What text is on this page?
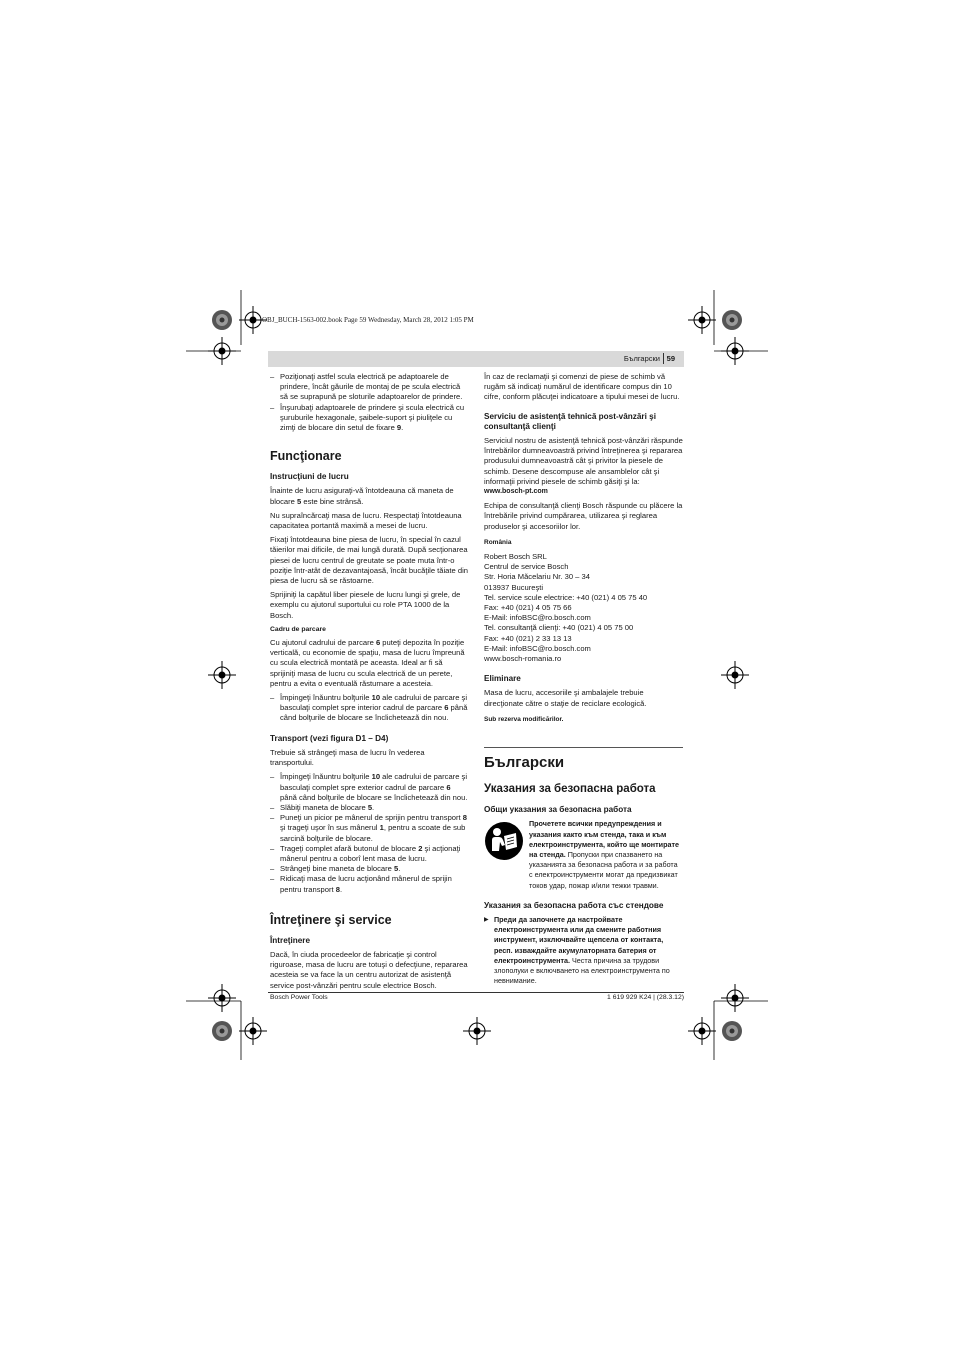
OBJ_BUCH-1563-002.book Page 59 Wednesday, March 28, 2012 1:05 PM
Български 59

– Poziţionaţi astfel scula electrică pe adaptoarele de prindere, încât găurile de montaj de pe scula electrică să se suprapună pe sloturile adaptoarelor de prindere.

– Înşurubaţi adaptoarele de prindere şi scula electrică cu şuruburile hexagonale, şaibele-suport şi piuliţele cu zimţi de blocare din setul de fixare 9.

Funcţionare
Instrucţiuni de lucru

Înainte de lucru asiguraţi-vă întotdeauna că maneta de blocare 5 este bine strânsă.

Nu supraîncărcaţi masa de lucru. Respectaţi întotdeauna capacitatea portantă maximă a mesei de lucru.

Fixaţi întotdeauna bine piesa de lucru, în special în cazul tăierilor mai dificile, de mai lungă durată. După secţionarea piesei de lucru centrul de greutate se poate muta într-o poziţie într-atât de dezavantajoasă, încât bucăţile tăiate din piesa de lucru să se răstoarne.

Sprijiniţi la capătul liber piesele de lucru lungi şi grele, de exemplu cu ajutorul suportului cu role PTA 1000 de la Bosch.

Cadru de parcare

Cu ajutorul cadrului de parcare 6 puteţi depozita în poziţie verticală, cu economie de spaţiu, masa de lucru împreună cu scula electrică montată pe aceasta. Ideal ar fi să sprijiniţi masa de lucru cu scula electrică de un perete, pentru a evita o eventuală răsturnare a acesteia.

– Împingeţi înăuntru bolţurile 10 ale cadrului de parcare şi basculaţi complet spre interior cadrul de parcare 6 până când bolţurile de blocare se înclichetează din nou.

Transport (vezi figura D1 – D4)

Trebuie să strângeţi masa de lucru în vederea transportului.

– Împingeţi înăuntru bolţurile 10 ale cadrului de parcare şi basculaţi complet spre exterior cadrul de parcare 6 până când bolţurile de blocare se înclichetează din nou.

– Slăbiţi maneta de blocare 5.

– Puneţi un picior pe mânerul de sprijin pentru transport 8 şi trageţi uşor în sus mânerul 1, pentru a scoate de sub sarcină bolţurile de blocare.

– Trageţi complet afară butonul de blocare 2 şi acţionaţi mânerul pentru a coborî lent masa de lucru.

– Strângeţi bine maneta de blocare 5.

– Ridicaţi masa de lucru acţionând mânerul de sprijin pentru transport 8.

Întreţinere şi service
Întreţinere

Dacă, în ciuda procedeelor de fabricaţie şi control riguroase, masa de lucru are totuşi o defecţiune, repararea acesteia se va face la un centru autorizat de asistenţă service post-vânzări pentru scule electrice Bosch.

În caz de reclamaţii şi comenzi de piese de schimb vă rugăm să indicaţi numărul de identificare compus din 10 cifre, conform plăcuţei indicatoare a tipului mesei de lucru.

Serviciu de asistenţă tehnică post-vânzări şi consultanţă clienţi

Serviciul nostru de asistenţă tehnică post-vânzări răspunde întrebărilor dumneavoastră privind întreţinerea şi repararea produsului dumneavoastră cât şi privitor la piesele de schimb. Desene descompuse ale ansamblelor cât şi informaţii privind piesele de schimb găsiţi şi la:

www.bosch-pt.com

Echipa de consultanţă clienţi Bosch răspunde cu plăcere la întrebările privind cumpărarea, utilizarea şi reglarea produselor şi accesoriilor lor.

România

Robert Bosch SRL

Centrul de service Bosch

Str. Horia Măcelariu Nr. 30 – 34

013937 Bucureşti

Tel. service scule electrice: +40 (021) 4 05 75 40

Fax: +40 (021) 4 05 75 66

E-Mail: infoBSC@ro.bosch.com

Tel. consultanţă clienţi: +40 (021) 4 05 75 00

Fax: +40 (021) 2 33 13 13

E-Mail: infoBSC@ro.bosch.com

www.bosch-romania.ro

Eliminare

Masa de lucru, accesoriile şi ambalajele trebuie direcţionate către o staţie de reciclare ecologică.

Sub rezerva modificărilor.
Български
Указания за безопасна работа
Общи указания за безопасна работа
Прочетете всички предупреждения и указания както към стенда, така и към електроинструмента, който ще монтирате на стенда. Пропуски при спазването на указанията за безопасна работа и за работа с електроинструменти могат да предизвикат токов удар, пожар и/или тежки травми.
Указания за безопасна работа със стендове

▶ Преди да започнете да настройвате електроинструмента или да смените работния инструмент, изключвайте щепсела от контакта, респ. изваждайте акумулаторната батерия от електроинструмента. Честа причина за трудови злополуки е включването на електроинструмента по невнимание.

Bosch Power Tools	1 619 929 K24 | (28.3.12)
